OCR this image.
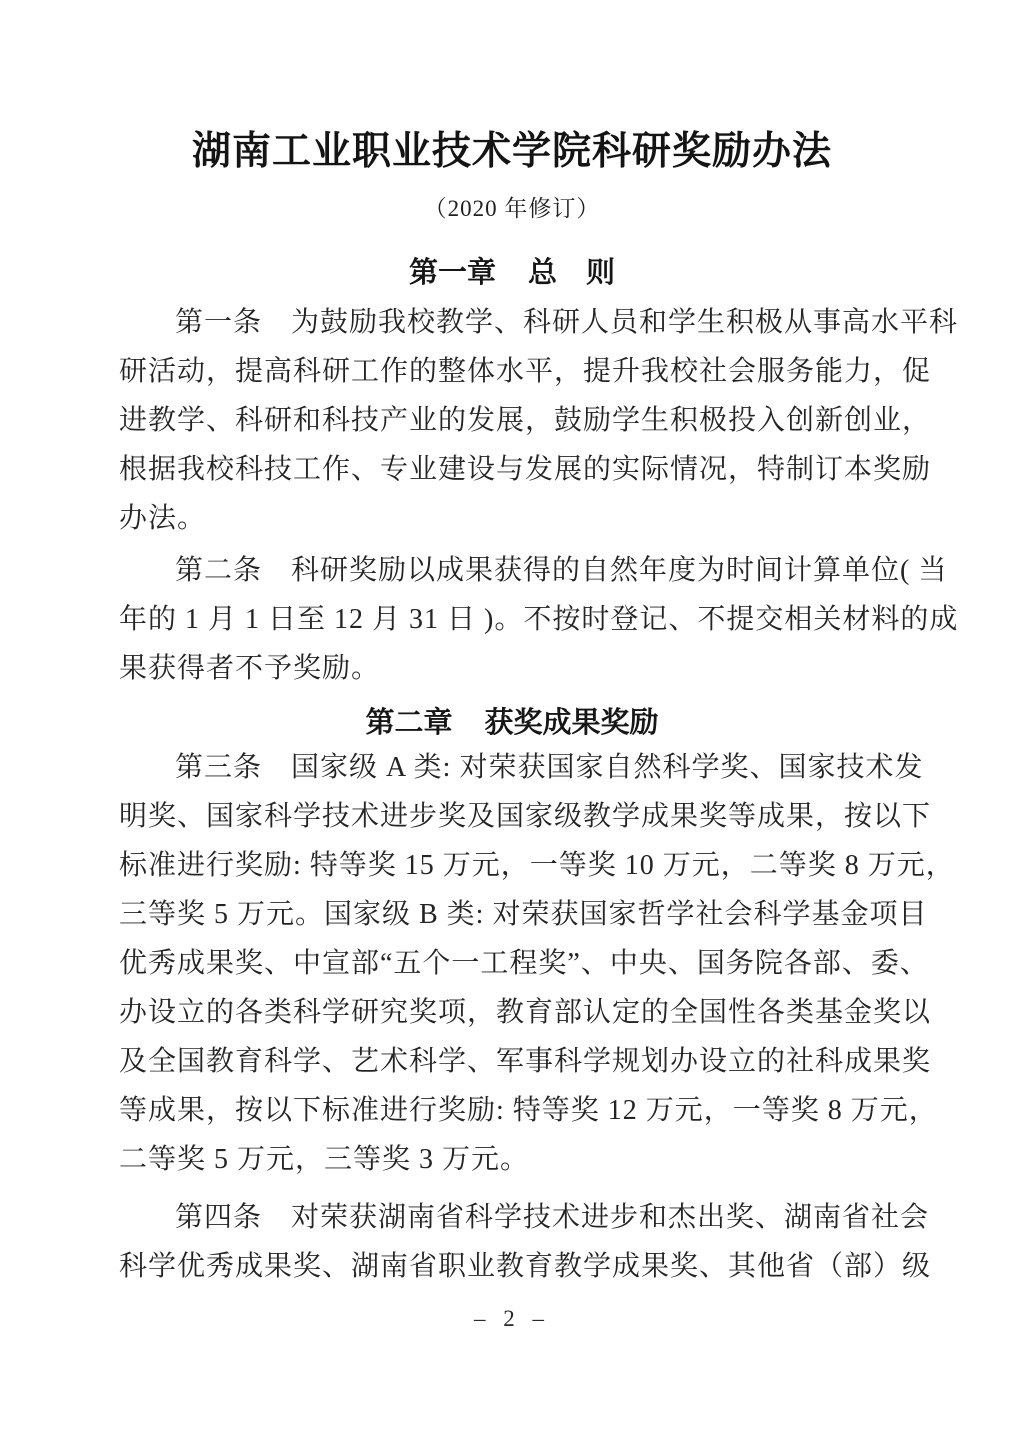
湖南工业职业技术学院科研奖励办法
（2020 年修订）
第一章 总　则
第一条　为鼓励我校教学、科研人员和学生积极从事高水平科
研活动，提高科研工作的整体水平，提升我校社会服务能力，促
进教学、科研和科技产业的发展，鼓励学生积极投入创新创业，
根据我校科技工作、专业建设与发展的实际情况，特制订本奖励
办法。
第二条　科研奖励以成果获得的自然年度为时间计算单位( 当
年的 1 月 1 日至 12 月 31 日 )。不按时登记、不提交相关材料的成
果获得者不予奖励。
第二章 获奖成果奖励
第三条　国家级 A 类: 对荣获国家自然科学奖、国家技术发
明奖、国家科学技术进步奖及国家级教学成果奖等成果，按以下
标准进行奖励: 特等奖 15 万元，一等奖 10 万元，二等奖 8 万元，
三等奖 5 万元。国家级 B 类: 对荣获国家哲学社会科学基金项目
优秀成果奖、中宣部“五个一工程奖”、中央、国务院各部、委、
办设立的各类科学研究奖项，教育部认定的全国性各类基金奖以
及全国教育科学、艺术科学、军事科学规划办设立的社科成果奖
等成果，按以下标准进行奖励: 特等奖 12 万元，一等奖 8 万元，
二等奖 5 万元，三等奖 3 万元。
第四条　对荣获湖南省科学技术进步和杰出奖、湖南省社会
科学优秀成果奖、湖南省职业教育教学成果奖、其他省（部）级
– 2 –
